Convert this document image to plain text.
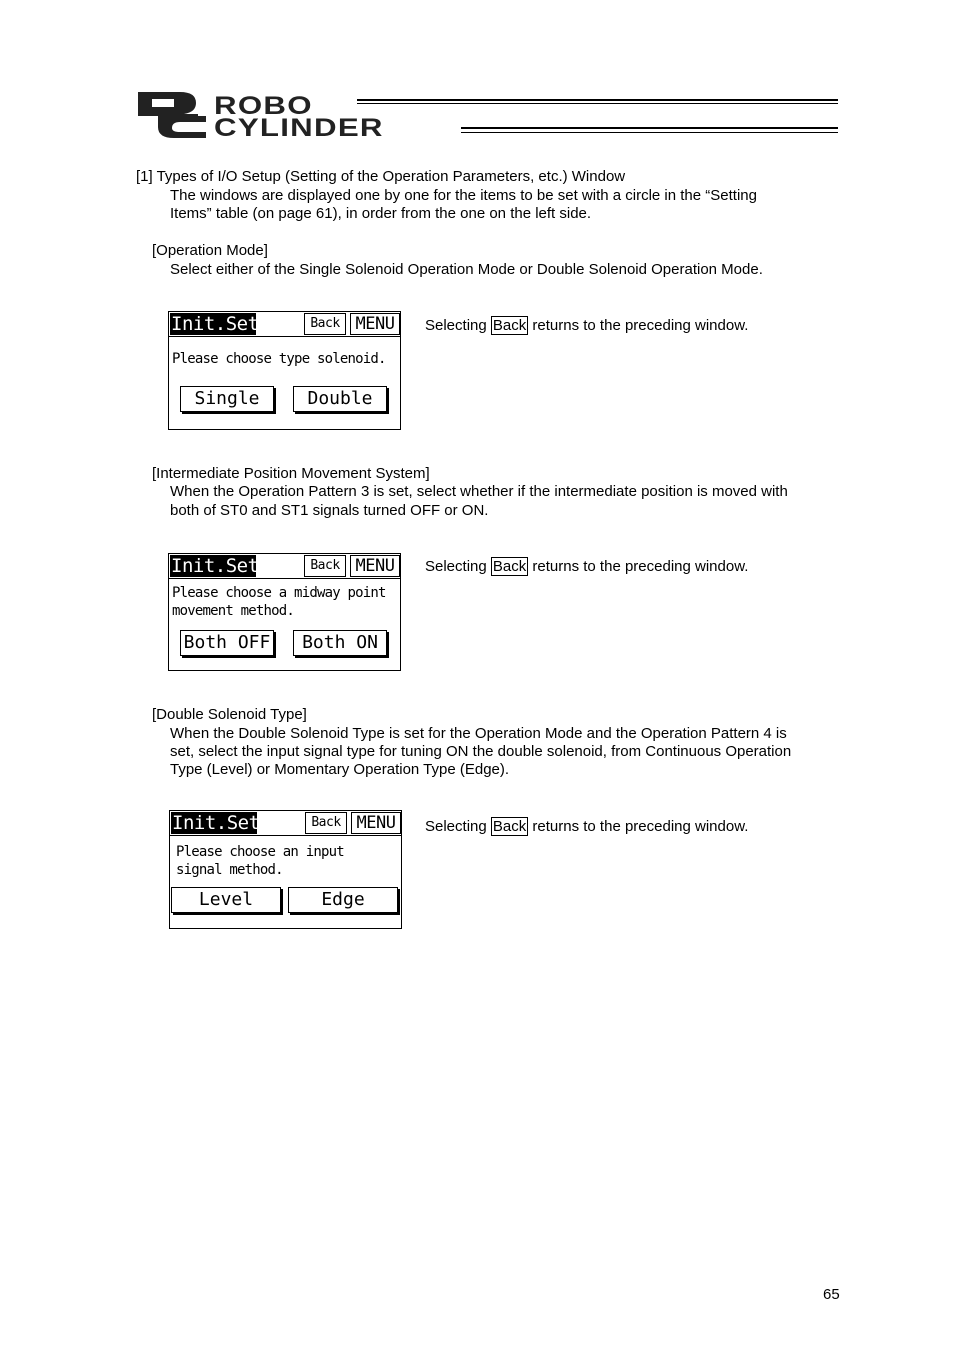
ROBO
CYLINDER
[1] Types of I/O Setup (Setting of the Operation Parameters, etc.) Window
The windows are displayed one by one for the items to be set with a circle in the “Setting
Items” table (on page 61), in order from the one on the left side.
[Operation Mode]
Select either of the Single Solenoid Operation Mode or Double Solenoid Operation Mode.
Init.Set	Back MENU
Please choose type solenoid.
Single	Double
Selecting Back returns to the preceding window.
[Intermediate Position Movement System]
When the Operation Pattern 3 is set, select whether if the intermediate position is moved with
both of ST0 and ST1 signals turned OFF or ON.
Init.Set	Back MENU
Please choose a midway point
movement method.
Both OFF	Both ON
Selecting Back returns to the preceding window.
[Double Solenoid Type]
When the Double Solenoid Type is set for the Operation Mode and the Operation Pattern 4 is
set, select the input signal type for tuning ON the double solenoid, from Continuous Operation
Type (Level) or Momentary Operation Type (Edge).
Init.Set	Back MENU
Please choose an input
signal method.
Level	Edge
Selecting Back returns to the preceding window.
65
